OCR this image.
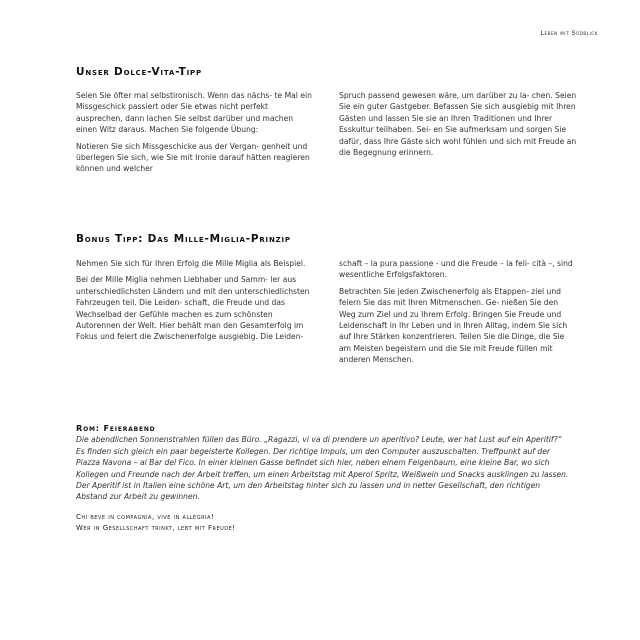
Leben mit Südblick
Unser Dolce-Vita-Tipp

Seien Sie öfter mal selbstironisch. Wenn das nächs- te Mal ein Missgeschick passiert oder Sie etwas nicht perfekt ausprechen, dann lachen Sie selbst darüber und machen einen Witz daraus. Machen Sie folgende Übung:

Notieren Sie sich Missgeschicke aus der Vergan- genheit und überlegen Sie sich, wie Sie mit Ironie darauf hätten reagieren können und welcher

Spruch passend gewesen wäre, um darüber zu la- chen. Seien Sie ein guter Gastgeber. Befassen Sie sich ausgiebig mit Ihren Gästen und lassen Sie sie an Ihren Traditionen und Ihrer Esskultur teilhaben. Sei- en Sie aufmerksam und sorgen Sie dafür, dass Ihre Gäste sich wohl fühlen und sich mit Freude an die Begegnung erinnern.

Bonus Tipp: Das Mille-Miglia-Prinzip

Nehmen Sie sich für Ihren Erfolg die Mille Miglia als Beispiel.

Bei der Mille Miglia nehmen Liebhaber und Samm- ler aus unterschiedlichsten Ländern und mit den unterschiedlichsten Fahrzeugen teil. Die Leiden- schaft, die Freude und das Wechselbad der Gefühle machen es zum schönsten Autorennen der Welt. Hier behält man den Gesamterfolg im Fokus und feiert die Zwischenerfolge ausgiebig. Die Leiden-

schaft – la pura passione - und die Freude – la feli- cità –, sind wesentliche Erfolgsfaktoren.

Betrachten Sie jeden Zwischenerfolg als Etappen- ziel und feiern Sie das mit Ihren Mitmenschen. Ge- nießen Sie den Weg zum Ziel und zu Ihrem Erfolg. Bringen Sie Freude und Leidenschaft in Ihr Leben und in Ihren Alltag, indem Sie sich auf Ihre Stärken konzentrieren. Teilen Sie die Dinge, die Sie am Meisten begeistern und die Sie mit Freude füllen mit anderen Menschen.

Rom: Feierabend

Die abendlichen Sonnenstrahlen füllen das Büro. „Ragazzi, vi va di prendere un aperitivo? Leute, wer hat Lust auf ein Aperitif?“ Es finden sich gleich ein paar begeisterte Kollegen. Der richtige Impuls, um den Computer auszuschalten. Treffpunkt auf der Piazza Navona – al Bar del Fico. In einer kleinen Gasse befindet sich hier, neben einem Feigenbaum, eine kleine Bar, wo sich Kollegen und Freunde nach der Arbeit treffen, um einen Arbeitstag mit Aperol Spritz, Weißwein und Snacks ausklingen zu lassen. Der Aperitif ist in Italien eine schöne Art, um den Arbeitstag hinter sich zu lassen und in netter Gesellschaft, den richtigen Abstand zur Arbeit zu gewinnen.

Chi beve in compagnia, vive in allegria!
Wer in Gesellschaft trinkt, lebt mit Freude!
